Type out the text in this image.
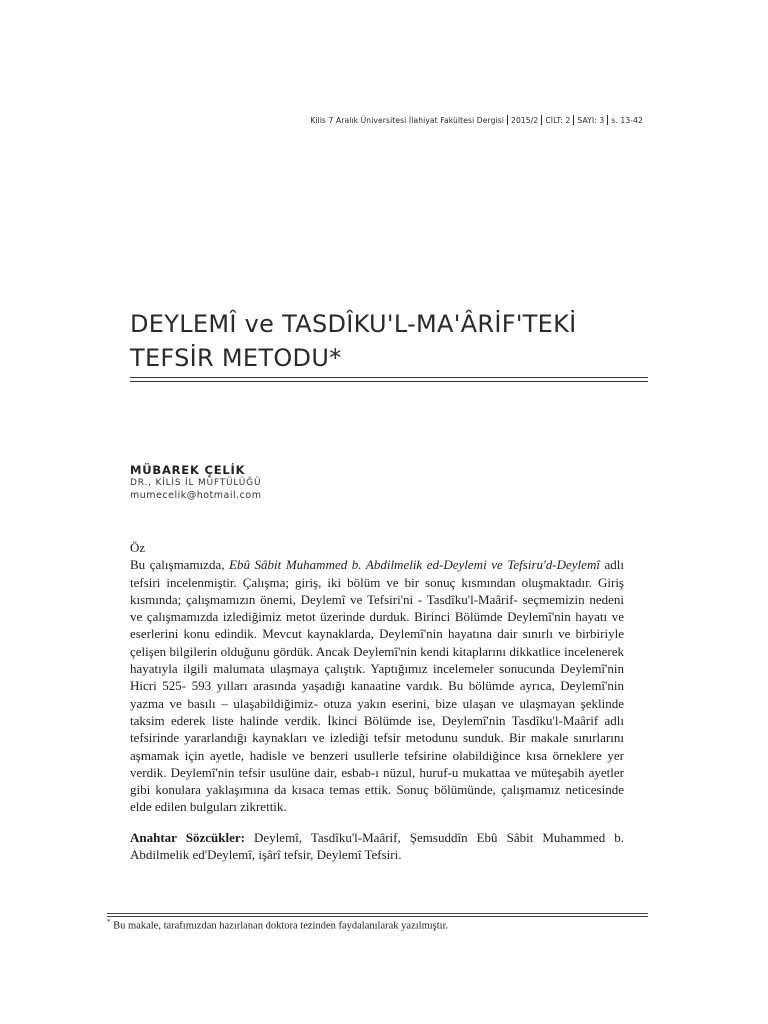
Kilis 7 Aralık Üniversitesi İlahiyat Fakültesi Dergisi 2015/2 CİLT: 2 SAYI: 3 s. 13-42
DEYLEMÎ ve TASDÎKU'L-MA'ÂRİF'TEKİ
TEFSİR METODU*
MÜBAREK ÇELİK
DR., KİLİS İL MÜFTÜLÜĞÜ
mumecelik@hotmail.com
Öz

Bu çalışmamızda, Ebû Sâbit Muhammed b. Abdilmelik ed-Deylemi ve Tefsiru'd-Deylemî adlı tefsiri incelenmiştir. Çalışma; giriş, iki bölüm ve bir sonuç kısmından oluşmaktadır. Giriş kısmında; çalışmamızın önemi, Deylemî ve Tefsiri'ni - Tasdîku'l-Maârif- seçmemizin nedeni ve çalışmamızda izlediğimiz metot üzerinde durduk. Birinci Bölümde Deylemî'nin hayatı ve eserlerini konu edindik. Mevcut kaynaklarda, Deylemî'nin hayatına dair sınırlı ve birbiriyle çelişen bilgilerin olduğunu gördük. Ancak Deylemî'nin kendi kitaplarını dikkatlice incelenerek hayatıyla ilgili malumata ulaşmaya çalıştık. Yaptığımız incelemeler sonucunda Deylemî'nin Hicri 525- 593 yılları arasında yaşadığı kanaatine vardık. Bu bölümde ayrıca, Deylemî'nin yazma ve basılı – ulaşabildiğimiz- otuza yakın eserini, bize ulaşan ve ulaşmayan şeklinde taksim ederek liste halinde verdik. İkinci Bölümde ise, Deylemî'nin Tasdîku'l-Maârif adlı tefsirinde yararlandığı kaynakları ve izlediği tefsir metodunu sunduk. Bir makale sınırlarını aşmamak için ayetle, hadisle ve benzeri usullerle tefsirine olabildiğince kısa örneklere yer verdik. Deylemî'nin tefsir usulüne dair, esbab-ı nüzul, huruf-u mukattaa ve müteşabih ayetler gibi konulara yaklaşımına da kısaca temas ettik. Sonuç bölümünde, çalışmamız neticesinde elde edilen bulguları zikrettik.

Anahtar Sözcükler: Deylemî, Tasdîku'l-Maârif, Şemsuddîn Ebû Sâbit Muhammed b. Abdilmelik ed'Deylemî, işârî tefsir, Deylemî Tefsiri.
* Bu makale, tarafımızdan hazırlanan doktora tezinden faydalanılarak yazılmıştır.
